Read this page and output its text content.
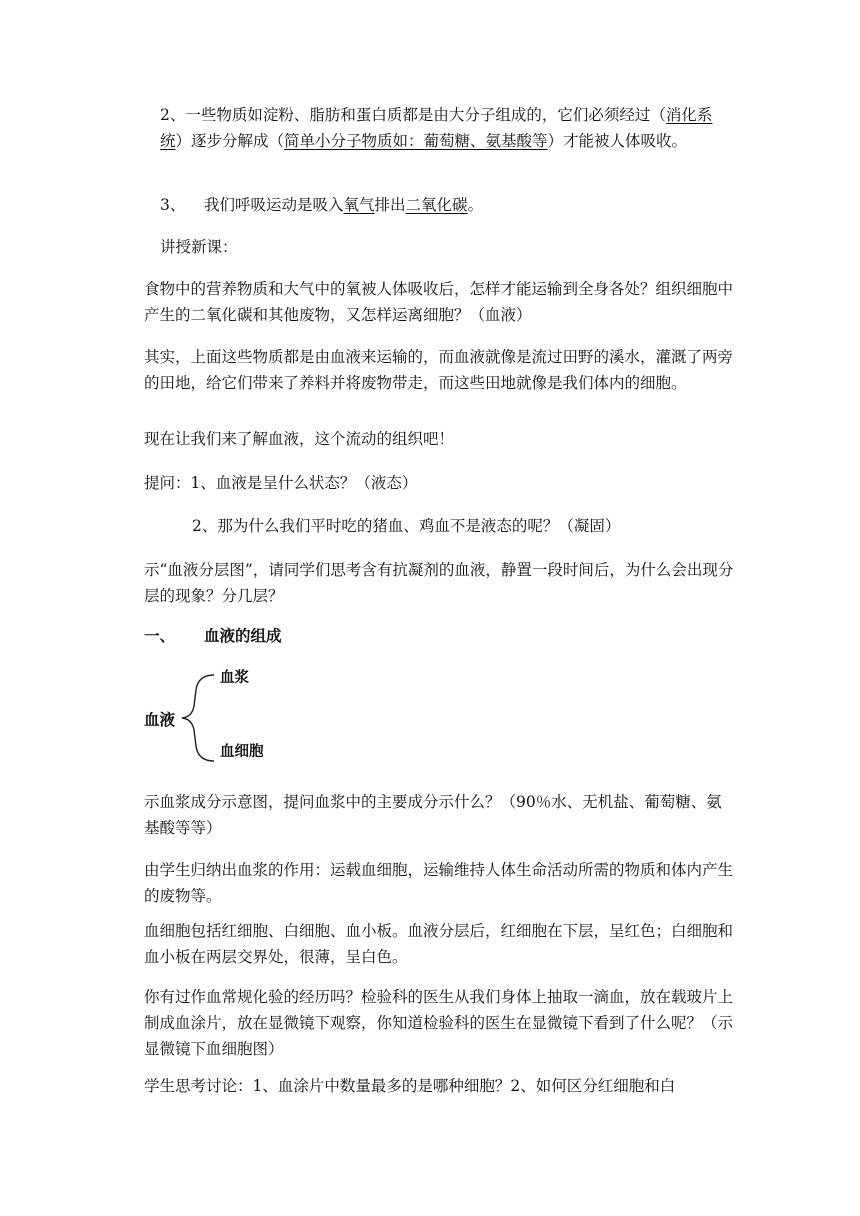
2、一些物质如淀粉、脂肪和蛋白质都是由大分子组成的，它们必须经过（消化系统）逐步分解成（简单小分子物质如：葡萄糖、氨基酸等）才能被人体吸收。

3、 我们呼吸运动是吸入氧气排出二氧化碳。

讲授新课：

食物中的营养物质和大气中的氧被人体吸收后，怎样才能运输到全身各处？组织细胞中产生的二氧化碳和其他废物，又怎样运离细胞？（血液）

其实，上面这些物质都是由血液来运输的，而血液就像是流过田野的溪水，灌溉了两旁的田地，给它们带来了养料并将废物带走，而这些田地就像是我们体内的细胞。

现在让我们来了解血液，这个流动的组织吧！

提问：1、血液是呈什么状态？（液态）

2、那为什么我们平时吃的猪血、鸡血不是液态的呢？（凝固）

示“血液分层图”，请同学们思考含有抗凝剂的血液，静置一段时间后，为什么会出现分层的现象？分几层？

一、 血液的组成
血浆
血液
血细胞

示血浆成分示意图，提问血浆中的主要成分示什么？（90％水、无机盐、葡萄糖、氨基酸等等）

由学生归纳出血浆的作用：运载血细胞，运输维持人体生命活动所需的物质和体内产生的废物等。

血细胞包括红细胞、白细胞、血小板。血液分层后，红细胞在下层，呈红色；白细胞和血小板在两层交界处，很薄，呈白色。

你有过作血常规化验的经历吗？检验科的医生从我们身体上抽取一滴血，放在载玻片上制成血涂片，放在显微镜下观察，你知道检验科的医生在显微镜下看到了什么呢？（示显微镜下血细胞图）

学生思考讨论：1、血涂片中数量最多的是哪种细胞？2、如何区分红细胞和白
